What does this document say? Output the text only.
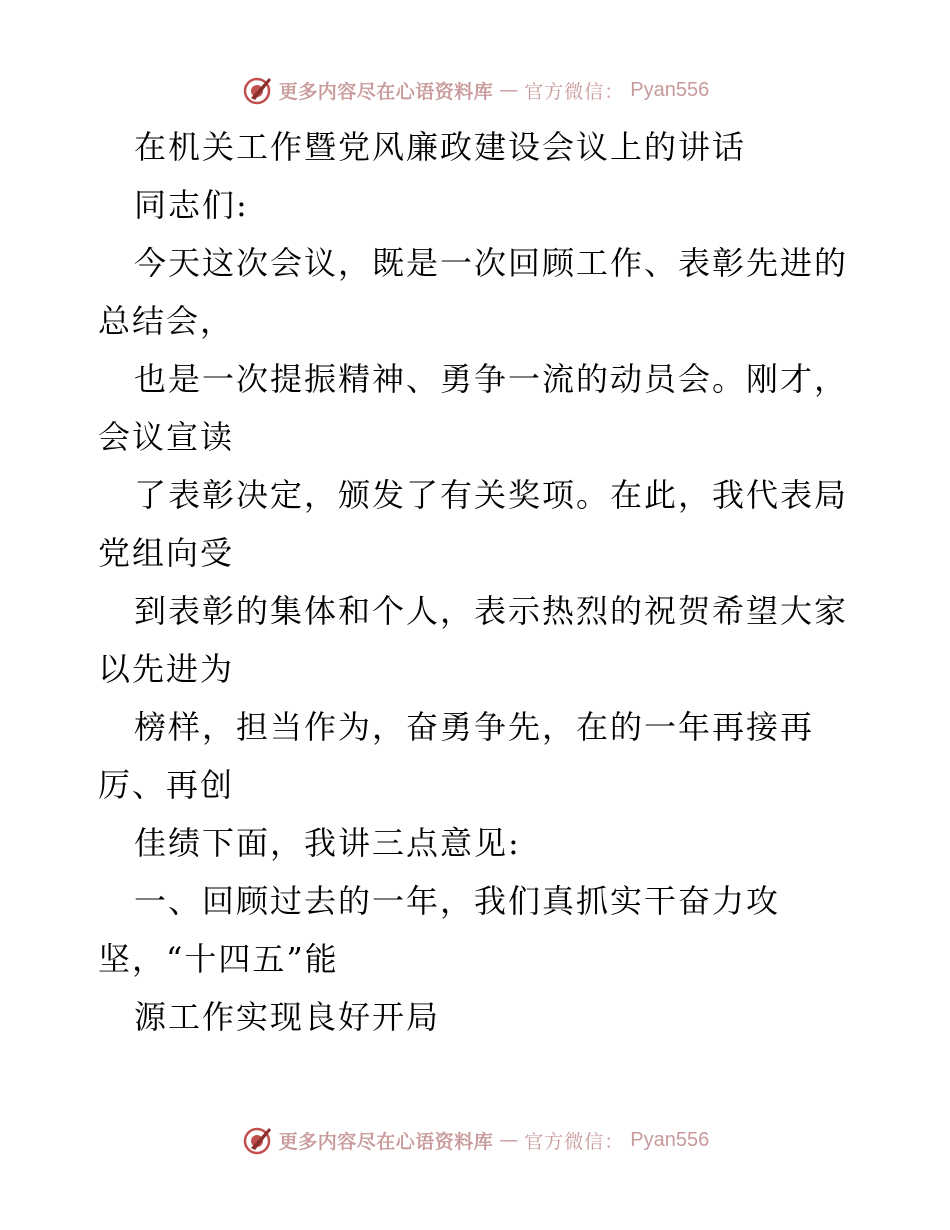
更多内容尽在心语资料库 — 官方微信： Pyan556
在机关工作暨党风廉政建设会议上的讲话
同志们:
今天这次会议，既是一次回顾工作、表彰先进的
总结会，
也是一次提振精神、勇争一流的动员会。刚才，
会议宣读
了表彰决定，颁发了有关奖项。在此，我代表局
党组向受
到表彰的集体和个人，表示热烈的祝贺希望大家
以先进为
榜样，担当作为，奋勇争先，在的一年再接再
厉、再创
佳绩下面，我讲三点意见:
一、回顾过去的一年，我们真抓实干奋力攻
坚，“十四五”能
源工作实现良好开局
更多内容尽在心语资料库 — 官方微信： Pyan556
